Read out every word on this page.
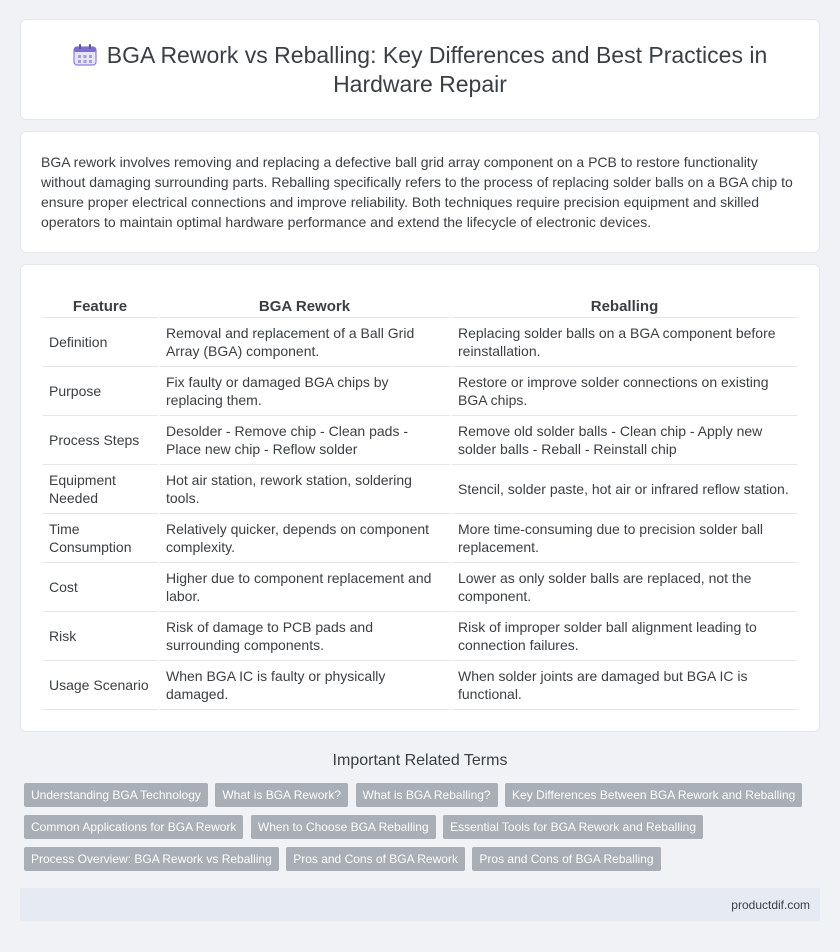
BGA Rework vs Reballing: Key Differences and Best Practices in Hardware Repair

BGA rework involves removing and replacing a defective ball grid array component on a PCB to restore functionality without damaging surrounding parts. Reballing specifically refers to the process of replacing solder balls on a BGA chip to ensure proper electrical connections and improve reliability. Both techniques require precision equipment and skilled operators to maintain optimal hardware performance and extend the lifecycle of electronic devices.

Feature	BGA Rework	Reballing
Definition	Removal and replacement of a Ball Grid Array (BGA) component.	Replacing solder balls on a BGA component before reinstallation.
Purpose	Fix faulty or damaged BGA chips by replacing them.	Restore or improve solder connections on existing BGA chips.
Process Steps	Desolder - Remove chip - Clean pads - Place new chip - Reflow solder	Remove old solder balls - Clean chip - Apply new solder balls - Reball - Reinstall chip
Equipment Needed	Hot air station, rework station, soldering tools.	Stencil, solder paste, hot air or infrared reflow station.
Time Consumption	Relatively quicker, depends on component complexity.	More time-consuming due to precision solder ball replacement.
Cost	Higher due to component replacement and labor.	Lower as only solder balls are replaced, not the component.
Risk	Risk of damage to PCB pads and surrounding components.	Risk of improper solder ball alignment leading to connection failures.
Usage Scenario	When BGA IC is faulty or physically damaged.	When solder joints are damaged but BGA IC is functional.
Important Related Terms
Understanding BGA Technology What is BGA Rework? What is BGA Reballing? Key Differences Between BGA Rework and Reballing Common Applications for BGA Rework When to Choose BGA Reballing Essential Tools for BGA Rework and Reballing Process Overview: BGA Rework vs Reballing Pros and Cons of BGA Rework Pros and Cons of BGA Reballing
productdif.com
